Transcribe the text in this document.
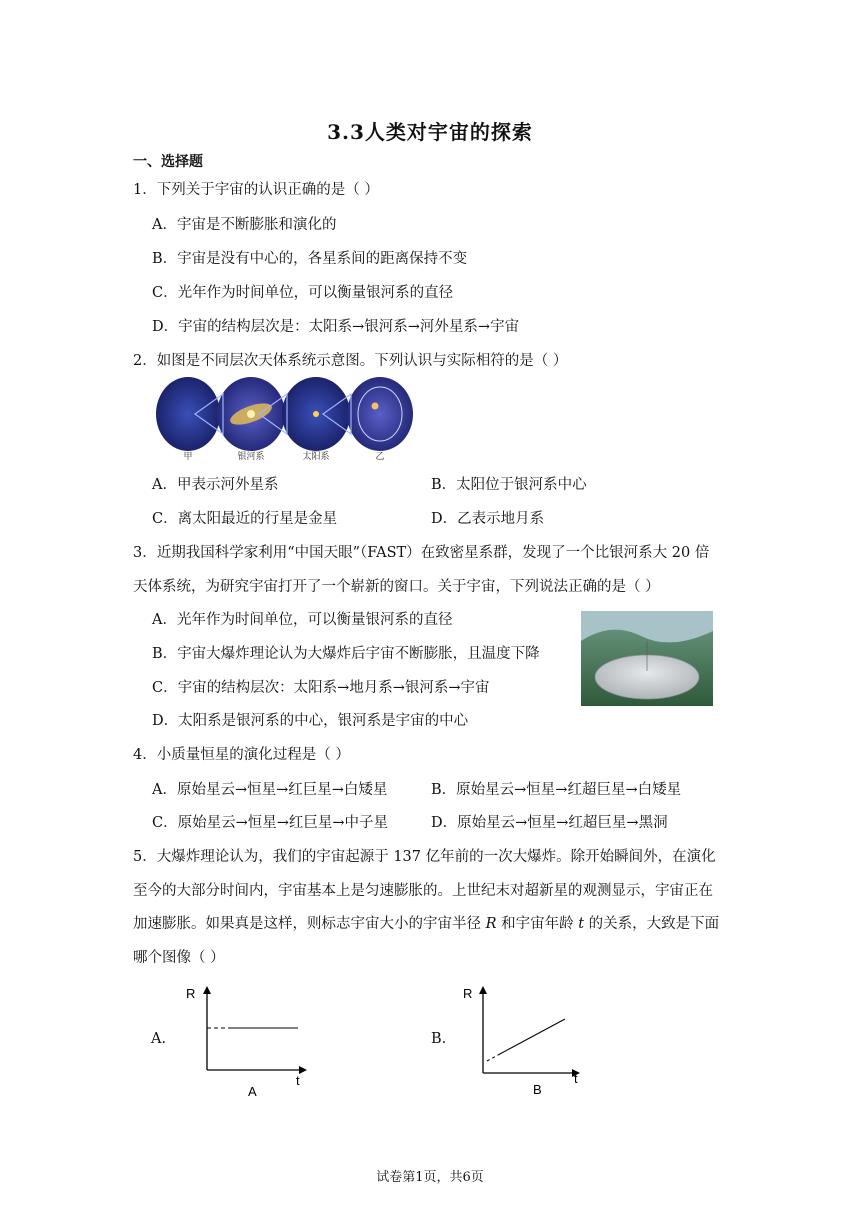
3.3人类对宇宙的探索
一、选择题
1．下列关于宇宙的认识正确的是（ ）
A．宇宙是不断膨胀和演化的
B．宇宙是没有中心的，各星系间的距离保持不变
C．光年作为时间单位，可以衡量银河系的直径
D．宇宙的结构层次是：太阳系→银河系→河外星系→宇宙
2．如图是不同层次天体系统示意图。下列认识与实际相符的是（ ）
甲	银河系	太阳系	乙
A．甲表示河外星系	B．太阳位于银河系中心
C．离太阳最近的行星是金星	D．乙表示地月系
3．近期我国科学家利用“中国天眼”（FAST）在致密星系群，发现了一个比银河系大 20 倍
天体系统，为研究宇宙打开了一个崭新的窗口。关于宇宙，下列说法正确的是（ ）
A．光年作为时间单位，可以衡量银河系的直径
B．宇宙大爆炸理论认为大爆炸后宇宙不断膨胀，且温度下降
C．宇宙的结构层次：太阳系→地月系→银河系→宇宙
D．太阳系是银河系的中心，银河系是宇宙的中心
4．小质量恒星的演化过程是（ ）
A．原始星云→恒星→红巨星→白矮星	B．原始星云→恒星→红超巨星→白矮星
C．原始星云→恒星→红巨星→中子星	D．原始星云→恒星→红超巨星→黑洞
5．大爆炸理论认为，我们的宇宙起源于 137 亿年前的一次大爆炸。除开始瞬间外，在演化
至今的大部分时间内，宇宙基本上是匀速膨胀的。上世纪末对超新星的观测显示，宇宙正在
加速膨胀。如果真是这样，则标志宇宙大小的宇宙半径 R 和宇宙年龄 t 的关系，大致是下面
哪个图像（ ）
A.
R
t
A
B.
R
t
B
试卷第1页，共6页
